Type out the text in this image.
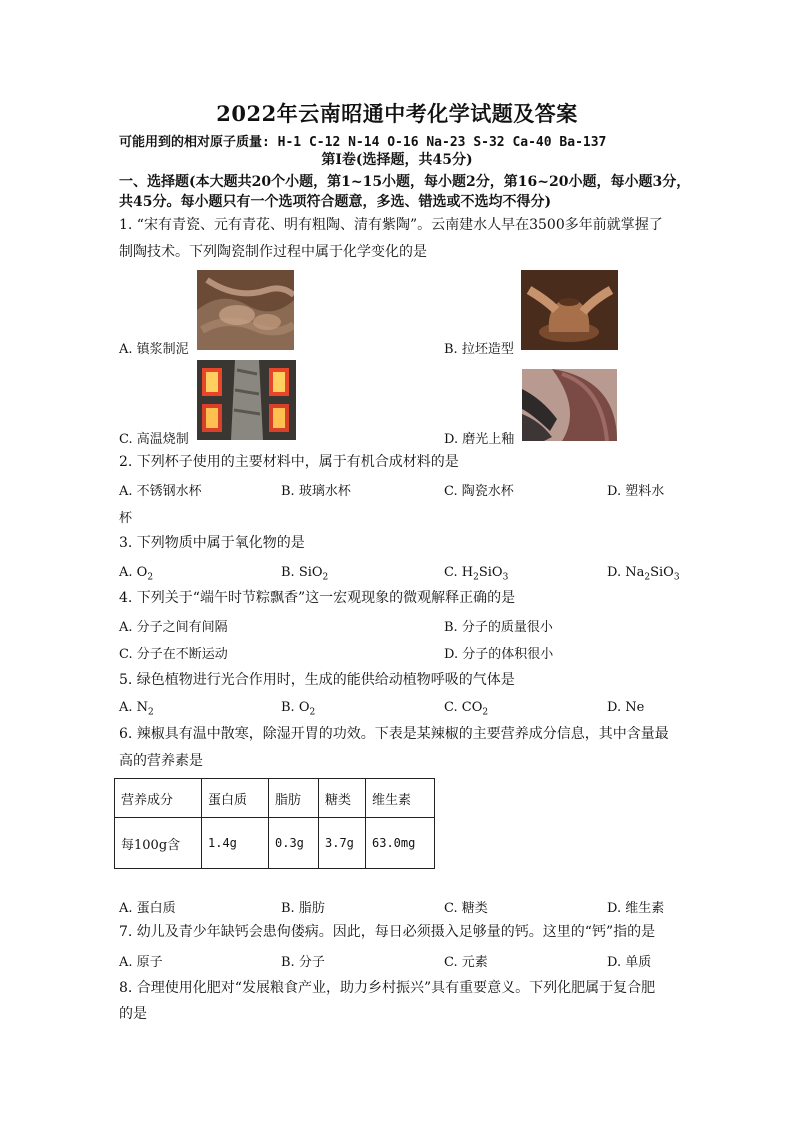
2022年云南昭通中考化学试题及答案
可能用到的相对原子质量: H-1 C-12 N-14 O-16 Na-23 S-32 Ca-40 Ba-137
第Ⅰ卷(选择题，共45分)
一、选择题(本大题共20个小题，第1~15小题，每小题2分，第16~20小题，每小题3分，
共45分。每小题只有一个选项符合题意，多选、错选或不选均不得分)
1. “宋有青瓷、元有青花、明有粗陶、清有紫陶”。云南建水人早在3500多年前就掌握了
制陶技术。下列陶瓷制作过程中属于化学变化的是
A. 镇浆制泥	B. 拉坯造型
C. 高温烧制	D. 磨光上釉
2. 下列杯子使用的主要材料中，属于有机合成材料的是
A. 不锈钢水杯	B. 玻璃水杯	C. 陶瓷水杯	D. 塑料水
杯
3. 下列物质中属于氧化物的是
A. $O_2$	B. SiO$_2$	C. $H_2SiO_3$	D. $Na_2SiO_3$
4. 下列关于“端午时节粽飘香”这一宏观现象的微观解释正确的是
A. 分子之间有间隔	B. 分子的质量很小
C. 分子在不断运动	D. 分子的体积很小
5. 绿色植物进行光合作用时，生成的能供给动植物呼吸的气体是
A. $N_2$	B. $O_2$	C. $CO_2$	D. Ne
6. 辣椒具有温中散寒，除湿开胃的功效。下表是某辣椒的主要营养成分信息，其中含量最
高的营养素是
营养成分	蛋白质	脂肪	糖类	维生素
每100g含	1.4g	0.3g	3.7g	63.0mg
A. 蛋白质	B. 脂肪	C. 糖类	D. 维生素
7. 幼儿及青少年缺钙会患佝偻病。因此，每日必须摄入足够量的钙。这里的“钙”指的是
A. 原子	B. 分子	C. 元素	D. 单质
8. 合理使用化肥对“发展粮食产业，助力乡村振兴”具有重要意义。下列化肥属于复合肥
的是
